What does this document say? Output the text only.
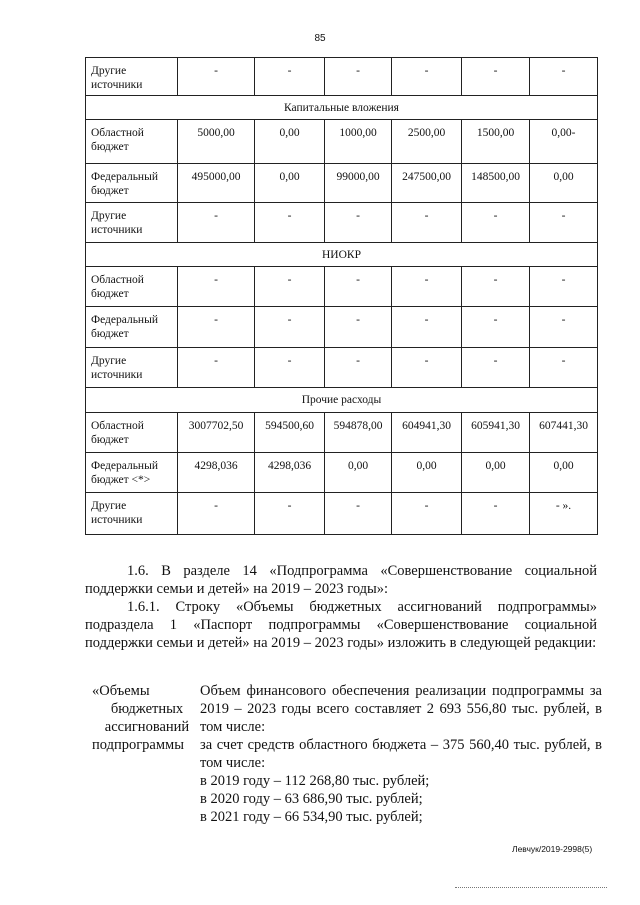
85
Другие источники	-	-	-	-	-	-
Капитальные вложения						
Областной бюджет	5000,00	0,00	1000,00	2500,00	1500,00	0,00-
Федеральный бюджет	495000,00	0,00	99000,00	247500,00	148500,00	0,00
Другие источники	-	-	-	-	-	-
НИОКР						
Областной бюджет	-	-	-	-	-	-
Федеральный бюджет	-	-	-	-	-	-
Другие источники	-	-	-	-	-	-
Прочие расходы						
Областной бюджет	3007702,50	594500,60	594878,00	604941,30	605941,30	607441,30
Федеральный бюджет <*>	4298,036	4298,036	0,00	0,00	0,00	0,00
Другие источники	-	-	-	-	-	- ».
1.6. В разделе 14 «Подпрограмма «Совершенствование социальной поддержки семьи и детей» на 2019 – 2023 годы»:
1.6.1. Строку «Объемы бюджетных ассигнований подпрограммы» подраздела 1 «Паспорт подпрограммы «Совершенствование социальной поддержки семьи и детей» на 2019 – 2023 годы» изложить в следующей редакции:
«Объемы
бюджетных
ассигнований
подпрограммы

Объем финансового обеспечения реализации подпрограммы за 2019 – 2023 годы всего составляет 2 693 556,80 тыс. рублей, в том числе:

за счет средств областного бюджета – 375 560,40 тыс. рублей, в том числе:

в 2019 году – 112 268,80 тыс. рублей;

в 2020 году – 63 686,90 тыс. рублей;

в 2021 году – 66 534,90 тыс. рублей;

Левчук/2019-2998(5)
